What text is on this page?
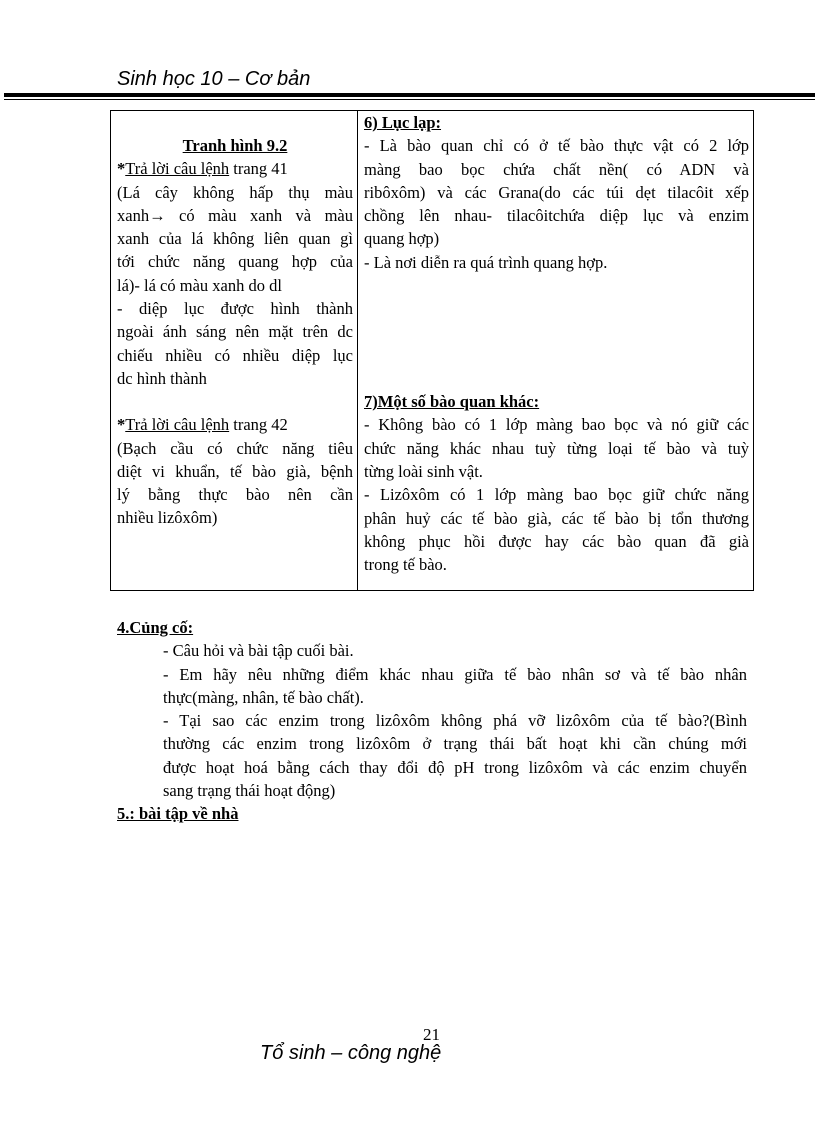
Sinh học 10 – Cơ bản
Tranh hình 9.2
*Trả lời câu lệnh trang 41
(Lá cây không hấp thụ màu
xanh→ có màu xanh và màu
xanh của lá không liên quan gì
tới chức năng quang hợp của
lá)- lá có màu xanh do dl
- diệp lục được hình thành
ngoài ánh sáng nên mặt trên dc
chiếu nhiều có nhiều diệp lục
dc hình thành
*Trả lời câu lệnh trang 42
(Bạch cầu có chức năng tiêu
diệt vi khuẩn, tế bào già, bệnh
lý bằng thực bào nên cần
nhiều lizôxôm)

6) Lục lạp:
- Là bào quan chỉ có ở tế bào thực vật có 2 lớp
màng bao bọc chứa chất nền( có ADN và
ribôxôm) và các Grana(do các túi dẹt tilacôit xếp
chồng lên nhau- tilacôitchứa diệp lục và enzim
quang hợp)
- Là nơi diễn ra quá trình quang hợp.
7)Một số bào quan khác:
- Không bào có 1 lớp màng bao bọc và nó giữ các
chức năng khác nhau tuỳ từng loại tế bào và tuỳ
từng loài sinh vật.
- Lizôxôm có 1 lớp màng bao bọc giữ chức năng
phân huỷ các tế bào già, các tế bào bị tổn thương
không phục hồi được hay các bào quan đã già
trong tế bào.
4.Củng cố:
- Câu hỏi và bài tập cuối bài.
- Em hãy nêu những điểm khác nhau giữa tế bào nhân sơ và tế bào nhân
thực(màng, nhân, tế bào chất).
- Tại sao các enzim trong lizôxôm không phá vỡ lizôxôm của tế bào?(Bình
thường các enzim trong lizôxôm ở trạng thái bất hoạt khi cần chúng mới
được hoạt hoá bằng cách thay đổi độ pH trong lizôxôm và các enzim chuyển
sang trạng thái hoạt động)
5.: bài tập về nhà
21
Tổ sinh – công nghệ
